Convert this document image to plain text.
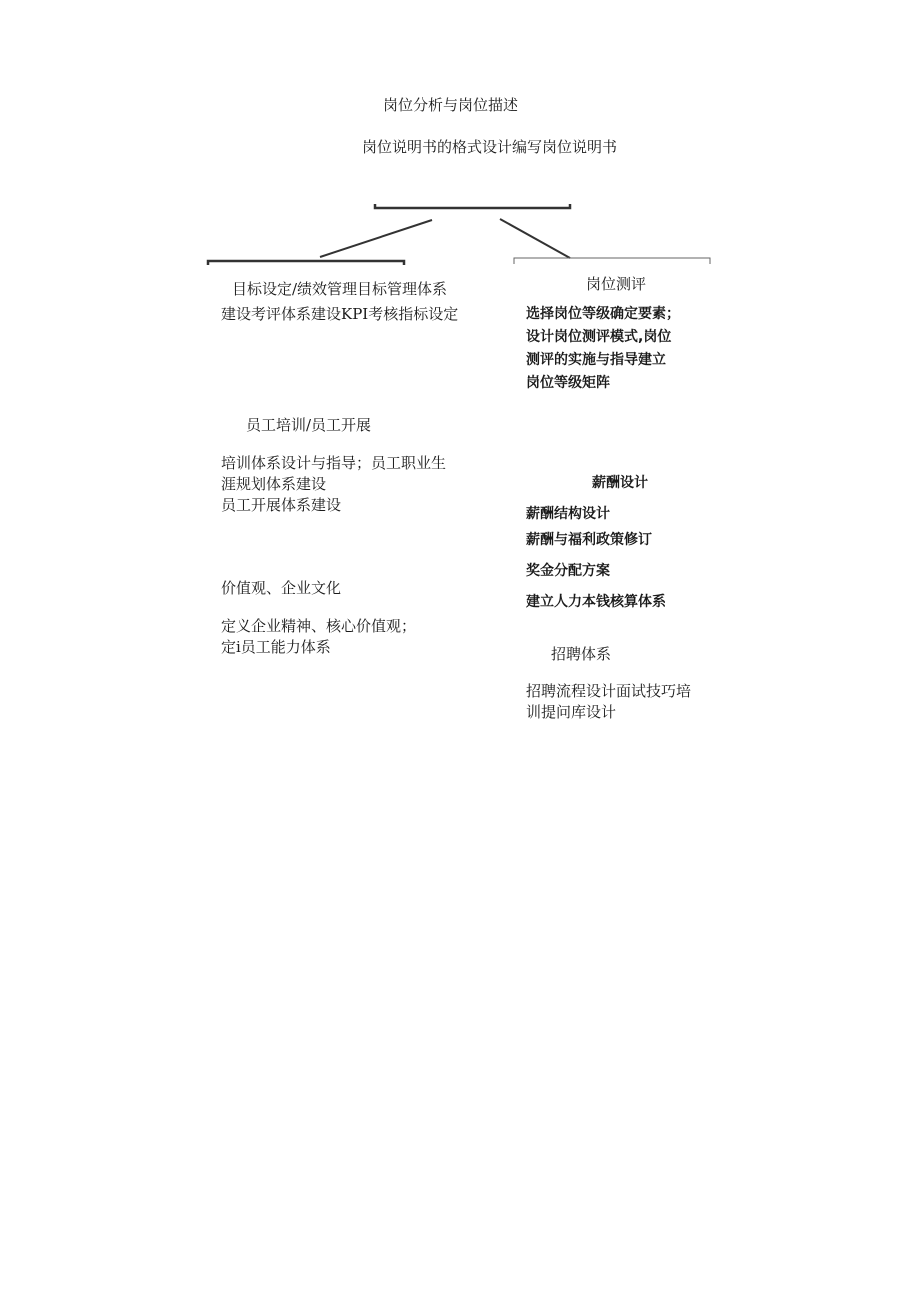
岗位分析与岗位描述
岗位说明书的格式设计编写岗位说明书
目标设定/绩效管理目标管理体系
建设考评体系建设KPI考核指标设定
员工培训/员工开展
培训体系设计与指导；员工职业生
涯规划体系建设
员工开展体系建设
价值观、企业文化
定义企业精神、核心价值观；
定i员工能力体系
岗位测评
选择岗位等级确定要素；
设计岗位测评模式,岗位
测评的实施与指导建立
岗位等级矩阵
薪酬设计
薪酬结构设计
薪酬与福利政策修订
奖金分配方案
建立人力本钱核算体系
招聘体系
招聘流程设计面试技巧培
训提问库设计
